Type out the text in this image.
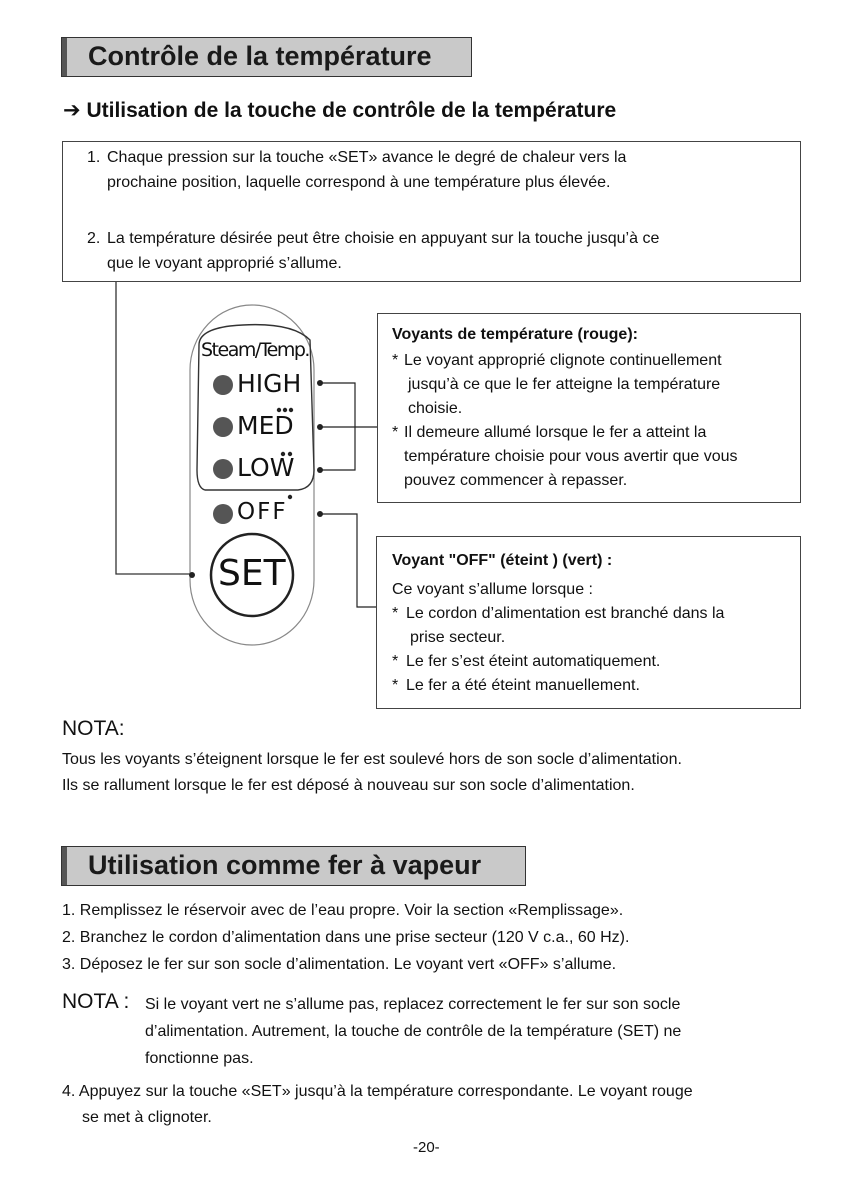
Contrôle de la température
➔ Utilisation de la touche de contrôle de la température
1. Chaque pression sur la touche «SET» avance le degré de chaleur vers la
prochaine position, laquelle correspond à une température plus élevée.
2. La température désirée peut être choisie en appuyant sur la touche jusqu’à ce
que le voyant approprié s’allume.
Steam/Temp.
HIGH
MED
LOW
OFF
SET
Voyants de température (rouge):
* Le voyant approprié clignote continuellement
jusqu’à ce que le fer atteigne la température
choisie.
* Il demeure allumé lorsque le fer a atteint la
température choisie pour vous avertir que vous
pouvez commencer à repasser.
Voyant "OFF" (éteint ) (vert) :
Ce voyant s’allume lorsque :
* Le cordon d’alimentation est branché dans la
prise secteur.
* Le fer s’est éteint automatiquement.
* Le fer a été éteint manuellement.
NOTA:
Tous les voyants s’éteignent lorsque le fer est soulevé hors de son socle d’alimentation.
Ils se rallument lorsque le fer est déposé à nouveau sur son socle d’alimentation.
Utilisation comme fer à vapeur
1. Remplissez le réservoir avec de l’eau propre. Voir la section «Remplissage».
2. Branchez le cordon d’alimentation dans une prise secteur (120 V c.a., 60 Hz).
3. Déposez le fer sur son socle d’alimentation. Le voyant vert «OFF» s’allume.
NOTA : Si le voyant vert ne s’allume pas, replacez correctement le fer sur son socle
d’alimentation. Autrement, la touche de contrôle de la température (SET) ne
fonctionne pas.
4. Appuyez sur la touche «SET» jusqu’à la température correspondante. Le voyant rouge
se met à clignoter.
-20-
